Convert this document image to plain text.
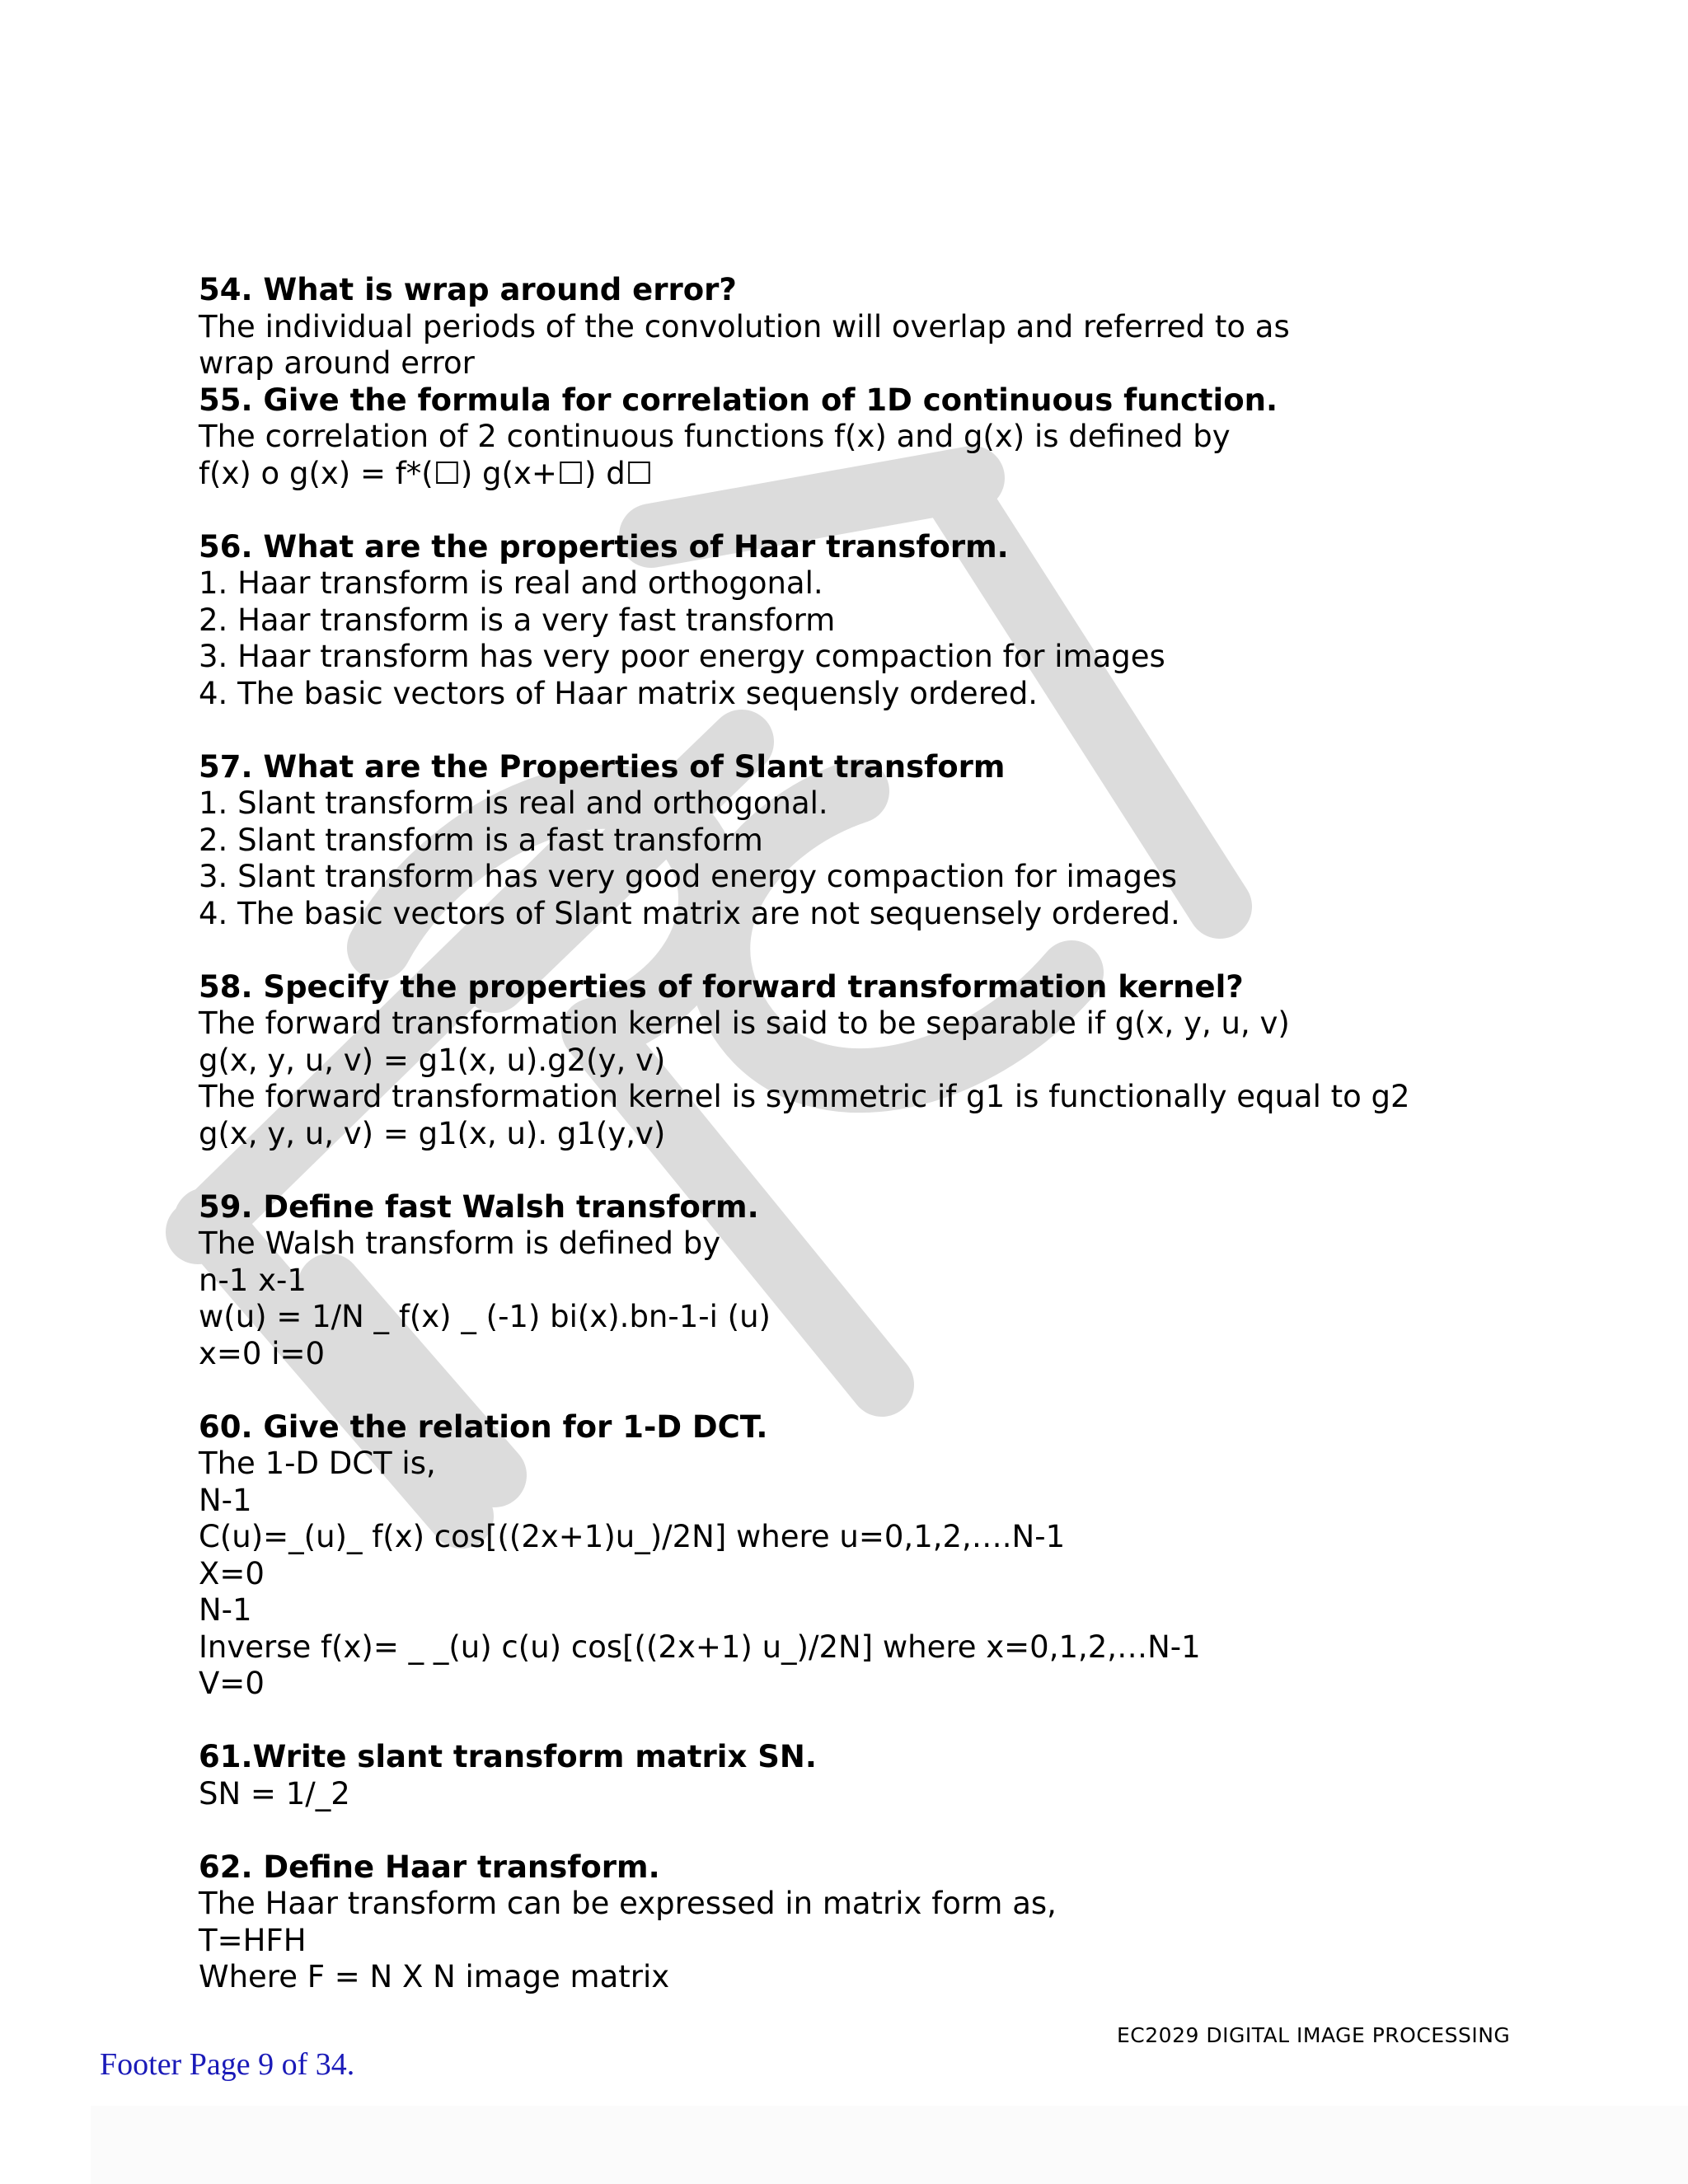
54. What is wrap around error?
The individual periods of the convolution will overlap and referred to as
wrap around error
55. Give the formula for correlation of 1D continuous function.
The correlation of 2 continuous functions f(x) and g(x) is defined by
f(x) o g(x) = f*(☐) g(x+☐) d☐
56. What are the properties of Haar transform.
1. Haar transform is real and orthogonal.
2. Haar transform is a very fast transform
3. Haar transform has very poor energy compaction for images
4. The basic vectors of Haar matrix sequensly ordered.
57. What are the Properties of Slant transform
1. Slant transform is real and orthogonal.
2. Slant transform is a fast transform
3. Slant transform has very good energy compaction for images
4. The basic vectors of Slant matrix are not sequensely ordered.
58. Specify the properties of forward transformation kernel?
The forward transformation kernel is said to be separable if g(x, y, u, v)
g(x, y, u, v) = g1(x, u).g2(y, v)
The forward transformation kernel is symmetric if g1 is functionally equal to g2
g(x, y, u, v) = g1(x, u). g1(y,v)
59. Define fast Walsh transform.
The Walsh transform is defined by
n-1 x-1
w(u) = 1/N _ f(x) _ (-1) bi(x).bn-1-i (u)
x=0 i=0
60. Give the relation for 1-D DCT.
The 1-D DCT is,
N-1
C(u)=_(u)_ f(x) cos[((2x+1)u_)/2N] where u=0,1,2,….N-1
X=0
N-1
Inverse f(x)= _ _(u) c(u) cos[((2x+1) u_)/2N] where x=0,1,2,…N-1
V=0
61.Write slant transform matrix SN.
SN = 1/_2
62. Define Haar transform.
The Haar transform can be expressed in matrix form as,
T=HFH
Where F = N X N image matrix
EC2029 DIGITAL IMAGE PROCESSING
Footer Page 9 of 34.
